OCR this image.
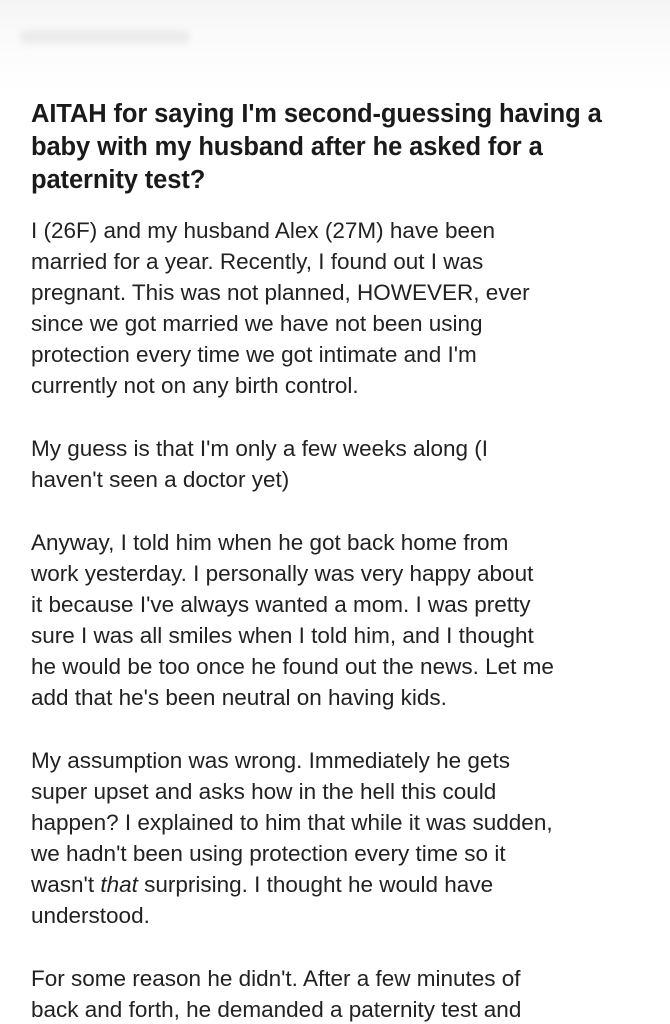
AITAH for saying I'm second-guessing having a baby with my husband after he asked for a paternity test?

I (26F) and my husband Alex (27M) have been
married for a year. Recently, I found out I was
pregnant. This was not planned, HOWEVER, ever
since we got married we have not been using
protection every time we got intimate and I'm
currently not on any birth control.

My guess is that I'm only a few weeks along (I
haven't seen a doctor yet)

Anyway, I told him when he got back home from
work yesterday. I personally was very happy about
it because I've always wanted a mom. I was pretty
sure I was all smiles when I told him, and I thought
he would be too once he found out the news. Let me
add that he's been neutral on having kids.

My assumption was wrong. Immediately he gets
super upset and asks how in the hell this could
happen? I explained to him that while it was sudden,
we hadn't been using protection every time so it
wasn't that surprising. I thought he would have
understood.

For some reason he didn't. After a few minutes of
back and forth, he demanded a paternity test and
